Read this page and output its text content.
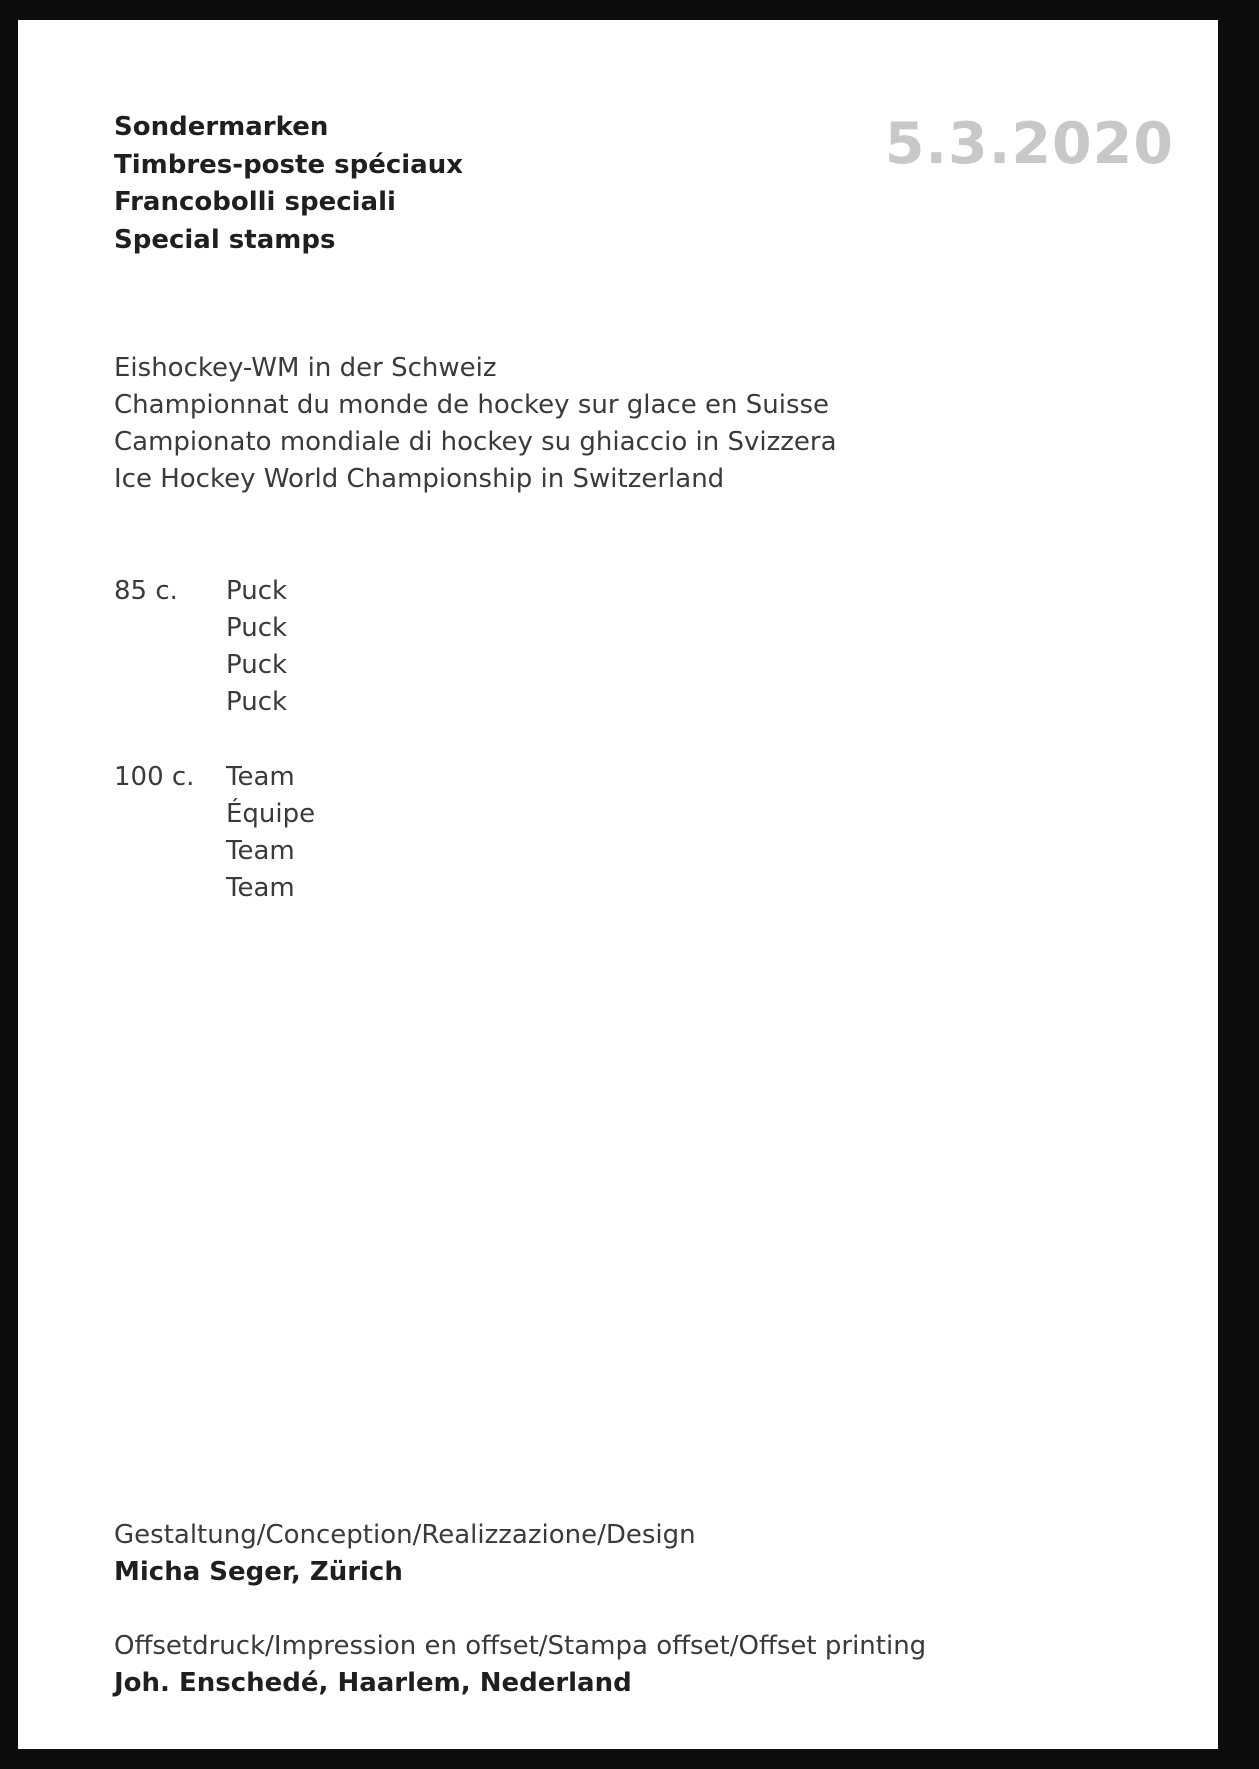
Sondermarken
Timbres-poste spéciaux
Francobolli speciali
Special stamps
5.3.2020
Eishockey-WM in der Schweiz
Championnat du monde de hockey sur glace en Suisse
Campionato mondiale di hockey su ghiaccio in Svizzera
Ice Hockey World Championship in Switzerland
85 c. Puck
Puck
Puck
Puck
100 c. Team
Équipe
Team
Team
Gestaltung/Conception/Realizzazione/Design
Micha Seger, Zürich
Offsetdruck/Impression en offset/Stampa offset/Offset printing
Joh. Enschedé, Haarlem, Nederland
